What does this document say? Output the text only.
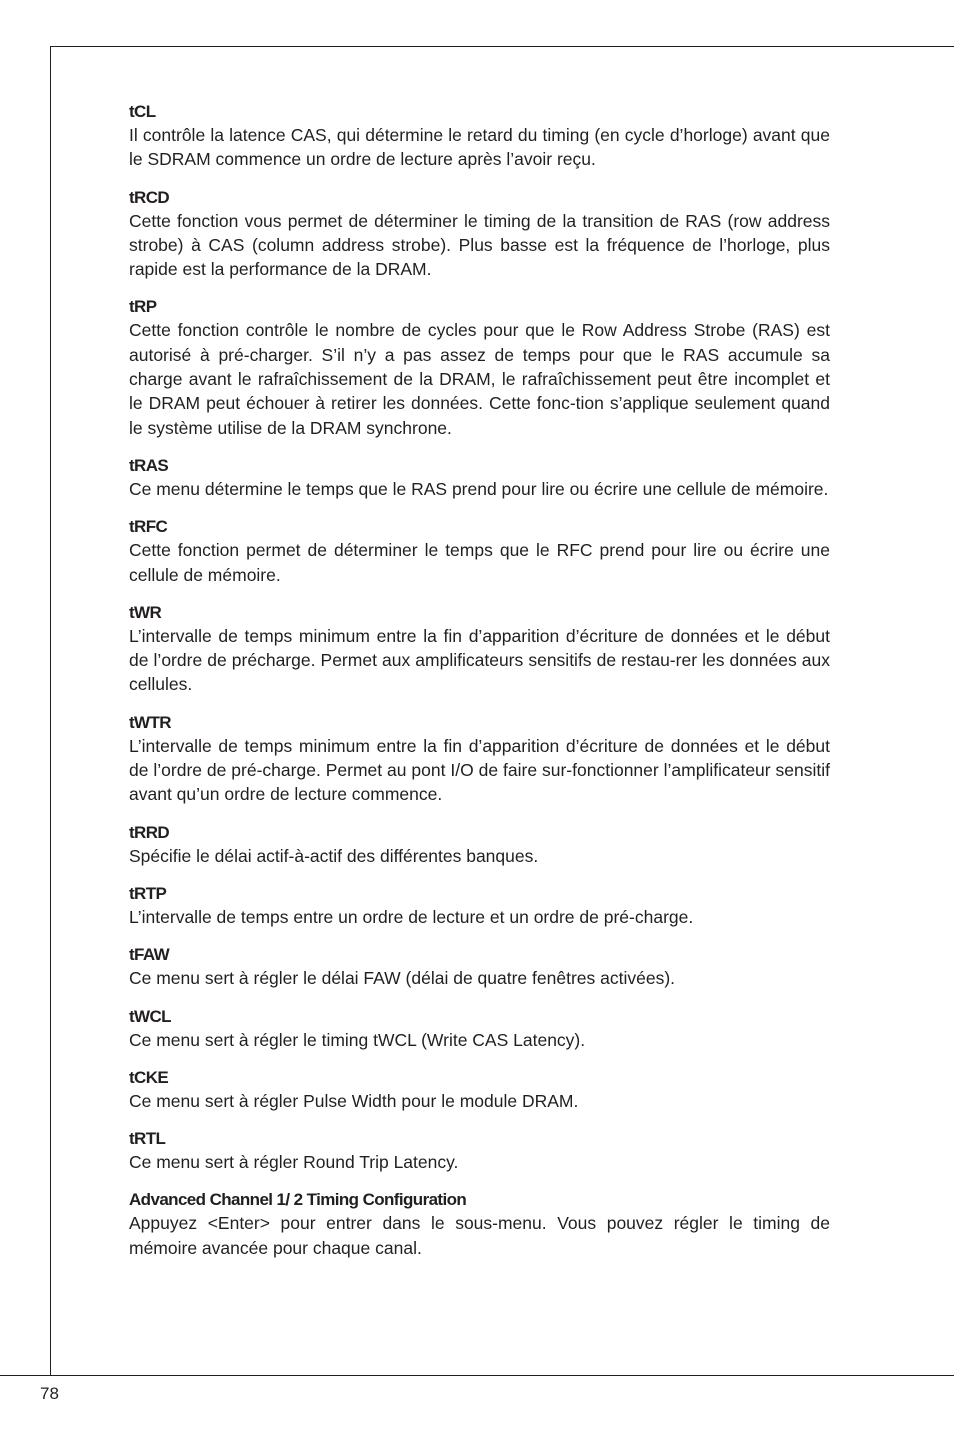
tCL
Il contrôle la latence CAS, qui détermine le retard du timing (en cycle d’horloge) avant que le SDRAM commence un ordre de lecture après l’avoir reçu.
tRCD
Cette fonction vous permet de déterminer le timing de la transition de RAS (row address strobe) à CAS (column address strobe). Plus basse est la fréquence de l’horloge, plus rapide est la performance de la DRAM.
tRP
Cette fonction contrôle le nombre de cycles pour que le Row Address Strobe (RAS) est autorisé à pré-charger. S’il n’y a pas assez de temps pour que le RAS accumule sa charge avant le rafraîchissement de la DRAM, le rafraîchissement peut être incomplet et le DRAM peut échouer à retirer les données. Cette fonc-tion s’applique seulement quand le système utilise de la DRAM synchrone.
tRAS
Ce menu détermine le temps que le RAS prend pour lire ou écrire une cellule de mémoire.
tRFC
Cette fonction permet de déterminer le temps que le RFC prend pour lire ou écrire une cellule de mémoire.
tWR
L’intervalle de temps minimum entre la fin d’apparition d’écriture de données et le début de l’ordre de précharge. Permet aux amplificateurs sensitifs de restau-rer les données aux cellules.
tWTR
L’intervalle de temps minimum entre la fin d’apparition d’écriture de données et le début de l’ordre de pré-charge. Permet au pont I/O de faire sur-fonctionner l’amplificateur sensitif avant qu’un ordre de lecture commence.
tRRD
Spécifie le délai actif-à-actif des différentes banques.
tRTP
L’intervalle de temps entre un ordre de lecture et un ordre de pré-charge.
tFAW
Ce menu sert à régler le délai FAW (délai de quatre fenêtres activées).
tWCL
Ce menu sert à régler le timing tWCL (Write CAS Latency).
tCKE
Ce menu sert à régler Pulse Width pour le module DRAM.
tRTL
Ce menu sert à régler Round Trip Latency.
Advanced Channel 1/ 2 Timing Configuration
Appuyez <Enter> pour entrer dans le sous-menu. Vous pouvez régler le timing de mémoire avancée pour chaque canal.
78
